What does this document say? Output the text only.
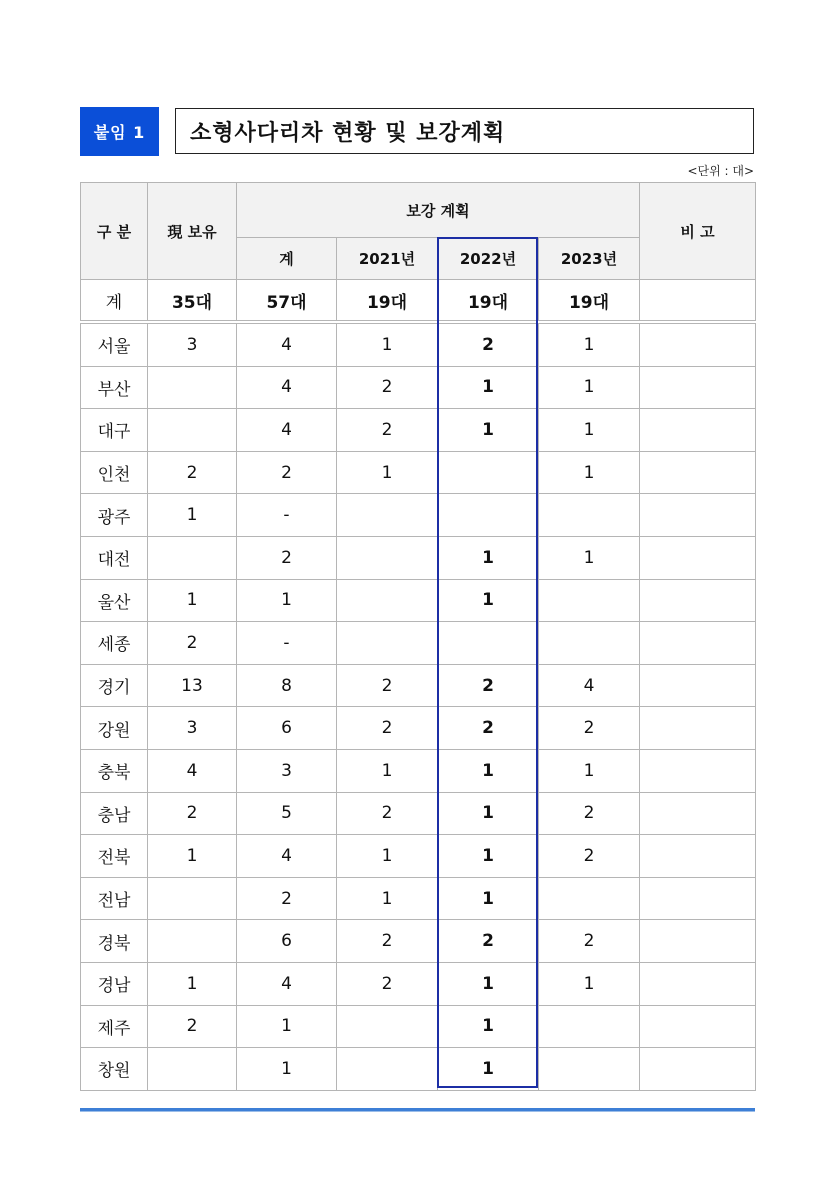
붙임 1	소형사다리차 현황 및 보강계획
<단위 : 대>
구 분	現 보유	보강 계획				비 고
		계	2021년	2022년	2023년	
계	35대	57대	19대	19대	19대	
서울	3	4	1	2	1	
부산		4	2	1	1	
대구		4	2	1	1	
인천	2	2	1		1	
광주	1	-				
대전		2		1	1	
울산	1	1		1		
세종	2	-				
경기	13	8	2	2	4	
강원	3	6	2	2	2	
충북	4	3	1	1	1	
충남	2	5	2	1	2	
전북	1	4	1	1	2	
전남		2	1	1		
경북		6	2	2	2	
경남	1	4	2	1	1	
제주	2	1		1		
창원		1		1		
